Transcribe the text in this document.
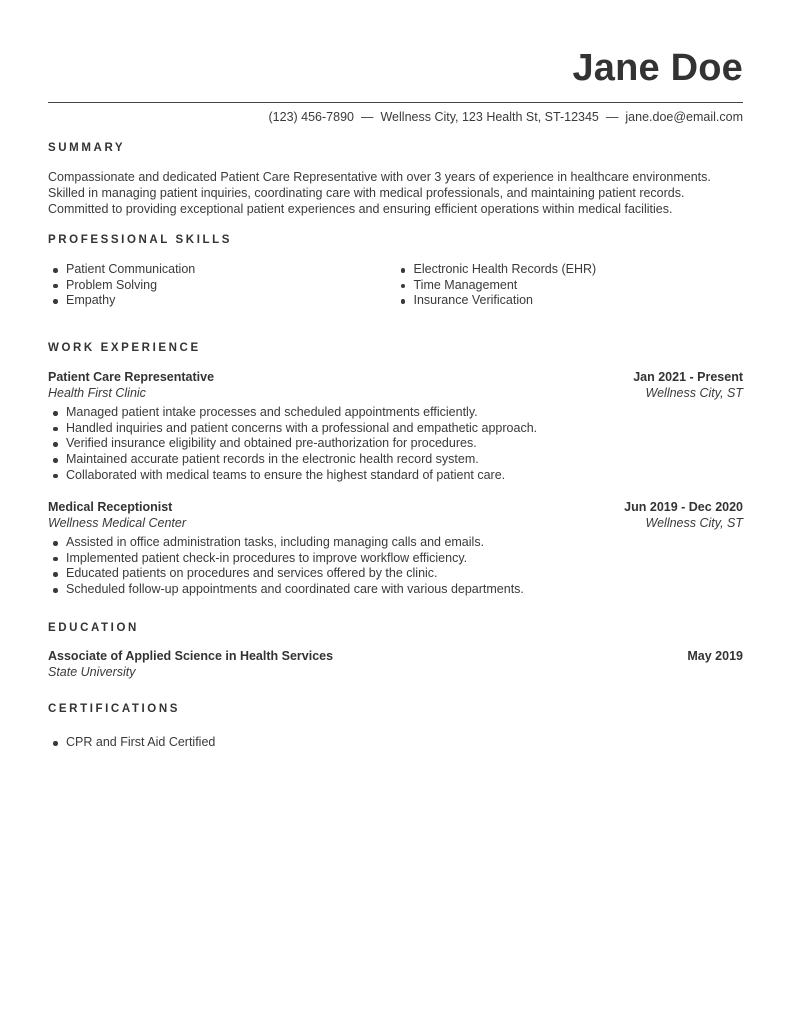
Jane Doe
(123) 456-7890 — Wellness City, 123 Health St, ST-12345 — jane.doe@email.com
SUMMARY
Compassionate and dedicated Patient Care Representative with over 3 years of experience in healthcare environments. Skilled in managing patient inquiries, coordinating care with medical professionals, and maintaining patient records. Committed to providing exceptional patient experiences and ensuring efficient operations within medical facilities.
PROFESSIONAL SKILLS
Patient Communication
Problem Solving
Empathy
Electronic Health Records (EHR)
Time Management
Insurance Verification
WORK EXPERIENCE
Patient Care Representative	Jan 2021 - Present
Health First Clinic	Wellness City, ST
Managed patient intake processes and scheduled appointments efficiently.
Handled inquiries and patient concerns with a professional and empathetic approach.
Verified insurance eligibility and obtained pre-authorization for procedures.
Maintained accurate patient records in the electronic health record system.
Collaborated with medical teams to ensure the highest standard of patient care.
Medical Receptionist	Jun 2019 - Dec 2020
Wellness Medical Center	Wellness City, ST
Assisted in office administration tasks, including managing calls and emails.
Implemented patient check-in procedures to improve workflow efficiency.
Educated patients on procedures and services offered by the clinic.
Scheduled follow-up appointments and coordinated care with various departments.
EDUCATION
Associate of Applied Science in Health Services	May 2019
State University
CERTIFICATIONS
CPR and First Aid Certified
